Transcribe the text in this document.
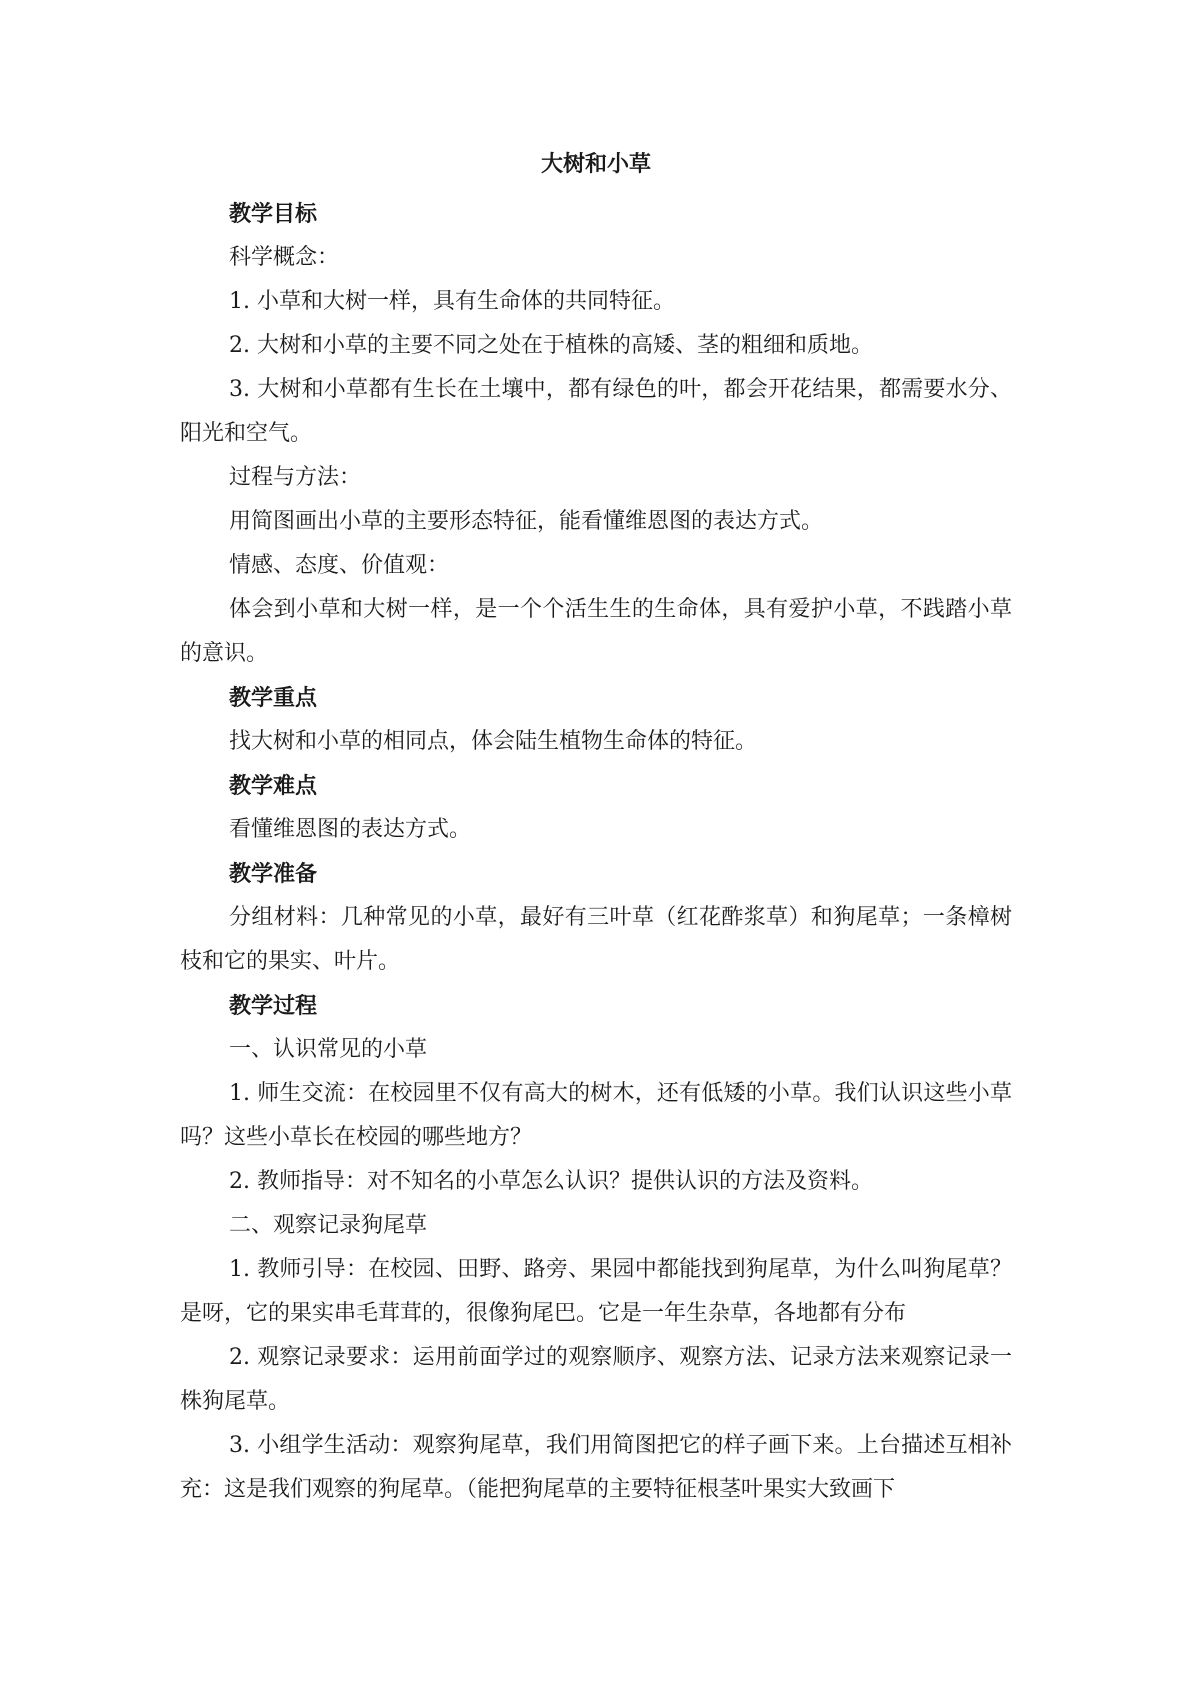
大树和小草

教学目标

科学概念：

1. 小草和大树一样，具有生命体的共同特征。

2. 大树和小草的主要不同之处在于植株的高矮、茎的粗细和质地。

3. 大树和小草都有生长在土壤中，都有绿色的叶，都会开花结果，都需要水分、阳光和空气。

过程与方法：

用简图画出小草的主要形态特征，能看懂维恩图的表达方式。

情感、态度、价值观：

体会到小草和大树一样，是一个个活生生的生命体，具有爱护小草，不践踏小草的意识。

教学重点

找大树和小草的相同点，体会陆生植物生命体的特征。

教学难点

看懂维恩图的表达方式。

教学准备

分组材料：几种常见的小草，最好有三叶草（红花酢浆草）和狗尾草；一条樟树枝和它的果实、叶片。

教学过程

一、认识常见的小草

1. 师生交流：在校园里不仅有高大的树木，还有低矮的小草。我们认识这些小草吗？这些小草长在校园的哪些地方？

2. 教师指导：对不知名的小草怎么认识？提供认识的方法及资料。

二、观察记录狗尾草

1. 教师引导：在校园、田野、路旁、果园中都能找到狗尾草，为什么叫狗尾草？是呀，它的果实串毛茸茸的，很像狗尾巴。它是一年生杂草，各地都有分布

2. 观察记录要求：运用前面学过的观察顺序、观察方法、记录方法来观察记录一株狗尾草。

3. 小组学生活动：观察狗尾草，我们用简图把它的样子画下来。上台描述互相补充：这是我们观察的狗尾草。（能把狗尾草的主要特征根茎叶果实大致画下
